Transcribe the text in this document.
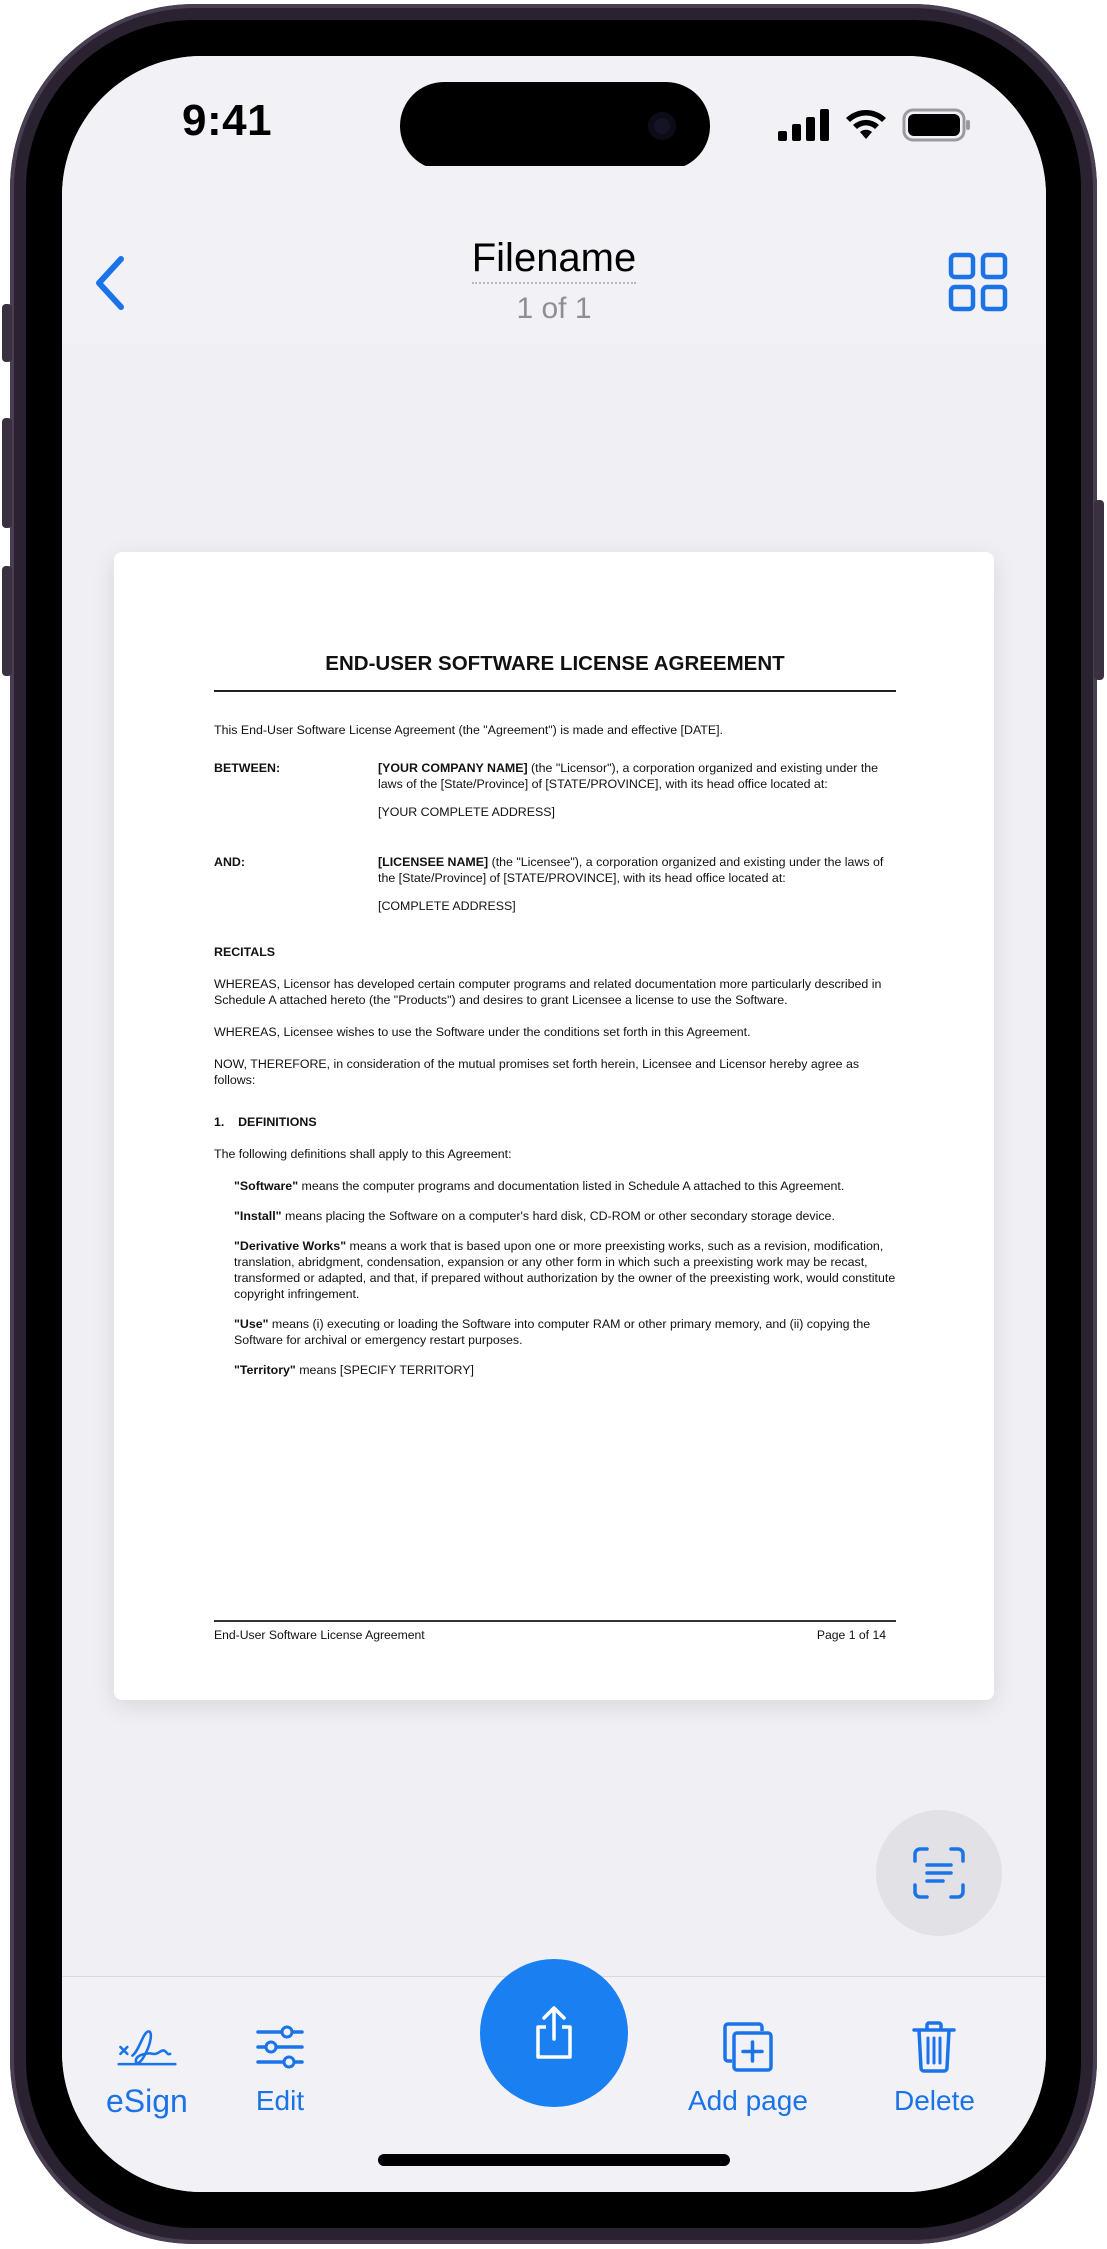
9:41
Filename
1 of 1
END-USER SOFTWARE LICENSE AGREEMENT

This End-User Software License Agreement (the "Agreement") is made and effective [DATE].

BETWEEN:	[YOUR COMPANY NAME] (the "Licensor"), a corporation organized and existing under the laws of the [State/Province] of [STATE/PROVINCE], with its head office located at:
[YOUR COMPLETE ADDRESS]
AND:	[LICENSEE NAME] (the "Licensee"), a corporation organized and existing under the laws of the [State/Province] of [STATE/PROVINCE], with its head office located at:
[COMPLETE ADDRESS]

RECITALS

WHEREAS, Licensor has developed certain computer programs and related documentation more particularly described in Schedule A attached hereto (the "Products") and desires to grant Licensee a license to use the Software.

WHEREAS, Licensee wishes to use the Software under the conditions set forth in this Agreement.

NOW, THEREFORE, in consideration of the mutual promises set forth herein, Licensee and Licensor hereby agree as follows:

1.    DEFINITIONS

The following definitions shall apply to this Agreement:

"Software" means the computer programs and documentation listed in Schedule A attached to this Agreement.

"Install" means placing the Software on a computer's hard disk, CD-ROM or other secondary storage device.

"Derivative Works" means a work that is based upon one or more preexisting works, such as a revision, modification, translation, abridgment, condensation, expansion or any other form in which such a preexisting work may be recast, transformed or adapted, and that, if prepared without authorization by the owner of the preexisting work, would constitute copyright infringement.

"Use" means (i) executing or loading the Software into computer RAM or other primary memory, and (ii) copying the Software for archival or emergency restart purposes.

"Territory" means [SPECIFY TERRITORY]

End-User Software License Agreement	Page 1 of 14
eSign Edit	Add page	Delete
